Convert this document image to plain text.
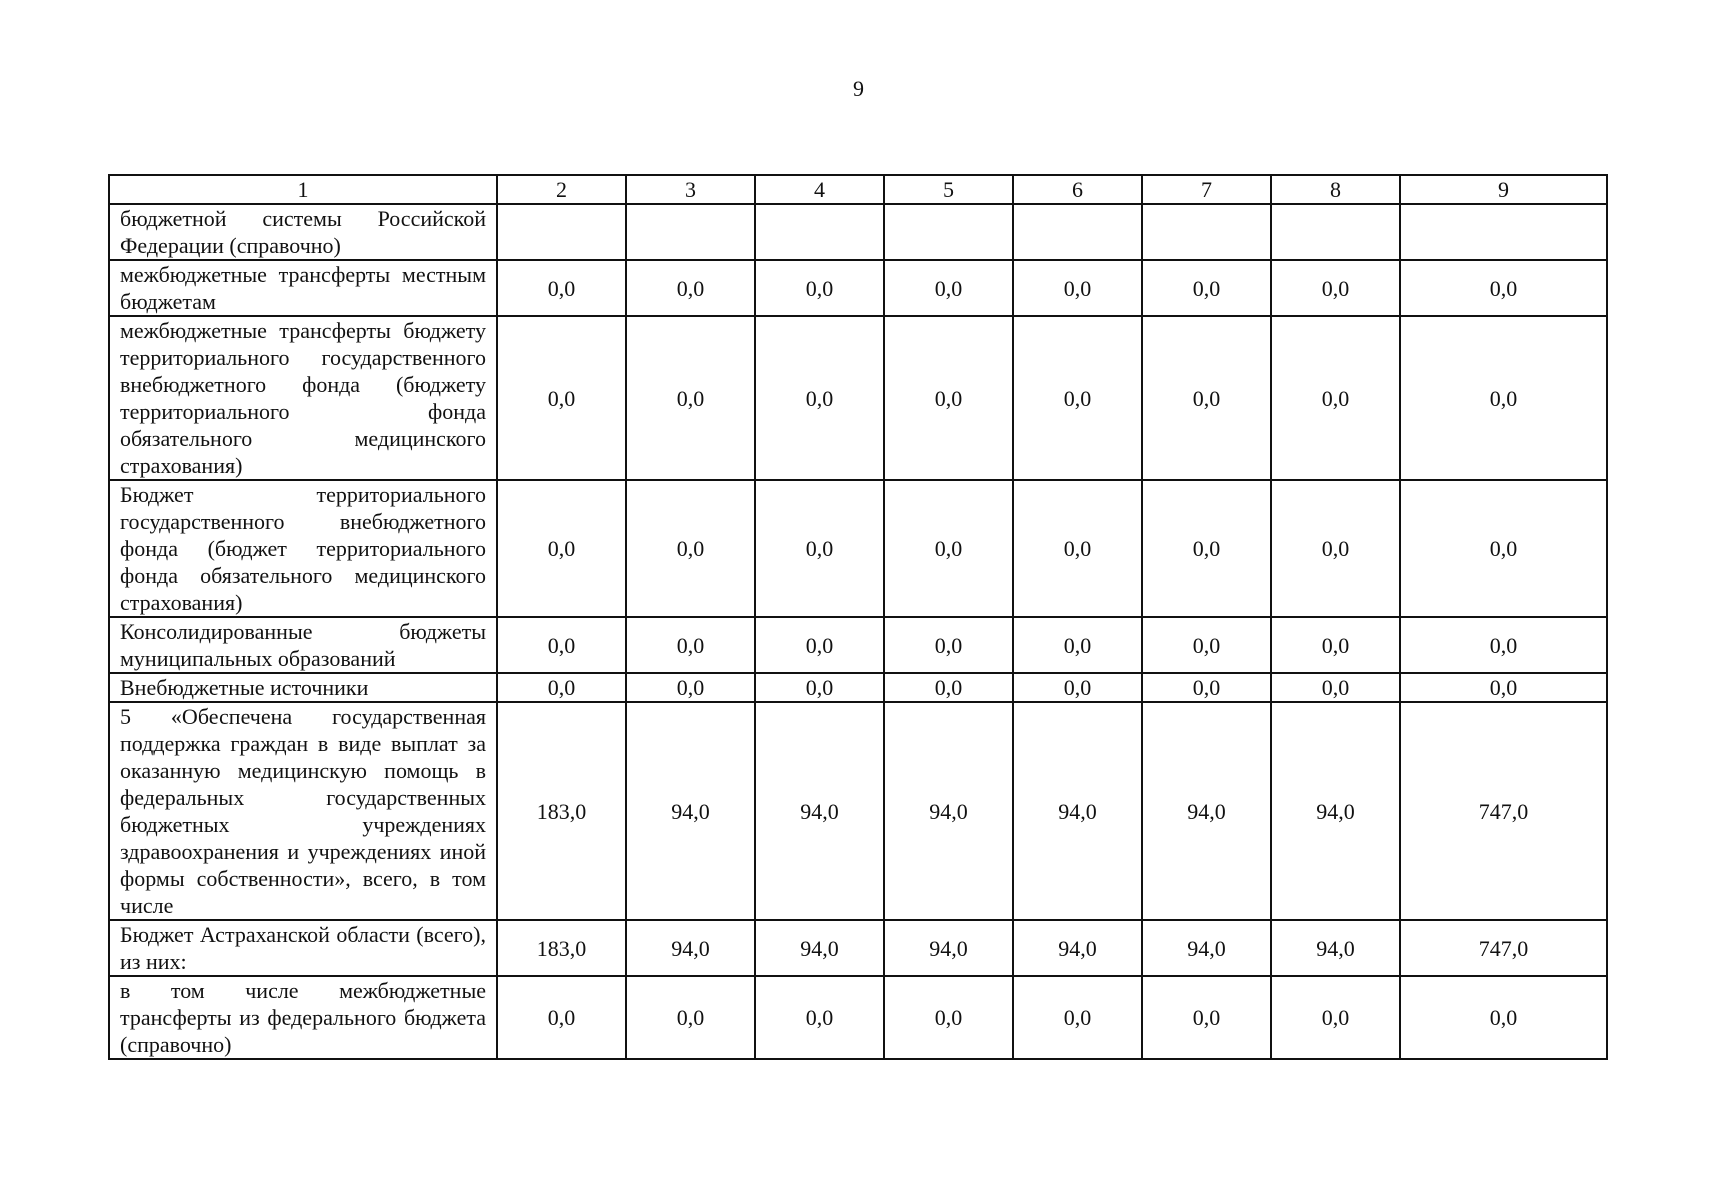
9
1	2	3	4	5	6	7	8	9
бюджетной системы Российской Федерации (справочно)								
межбюджетные трансферты местным бюджетам	0,0	0,0	0,0	0,0	0,0	0,0	0,0	0,0
межбюджетные трансферты бюджету территориального государственного внебюджетного фонда (бюджету территориального фонда обязательного медицинского страхования)	0,0	0,0	0,0	0,0	0,0	0,0	0,0	0,0
Бюджет территориального государственного внебюджетного фонда (бюджет территориального фонда обязательного медицинского страхования)	0,0	0,0	0,0	0,0	0,0	0,0	0,0	0,0
Консолидированные бюджеты муниципальных образований	0,0	0,0	0,0	0,0	0,0	0,0	0,0	0,0
Внебюджетные источники	0,0	0,0	0,0	0,0	0,0	0,0	0,0	0,0
5 «Обеспечена государственная поддержка граждан в виде выплат за оказанную медицинскую помощь в федеральных государственных бюджетных учреждениях здравоохранения и учреждениях иной формы собственности», всего, в том числе	183,0	94,0	94,0	94,0	94,0	94,0	94,0	747,0
Бюджет Астраханской области (всего), из них:	183,0	94,0	94,0	94,0	94,0	94,0	94,0	747,0
в том числе межбюджетные трансферты из федерального бюджета (справочно)	0,0	0,0	0,0	0,0	0,0	0,0	0,0	0,0
